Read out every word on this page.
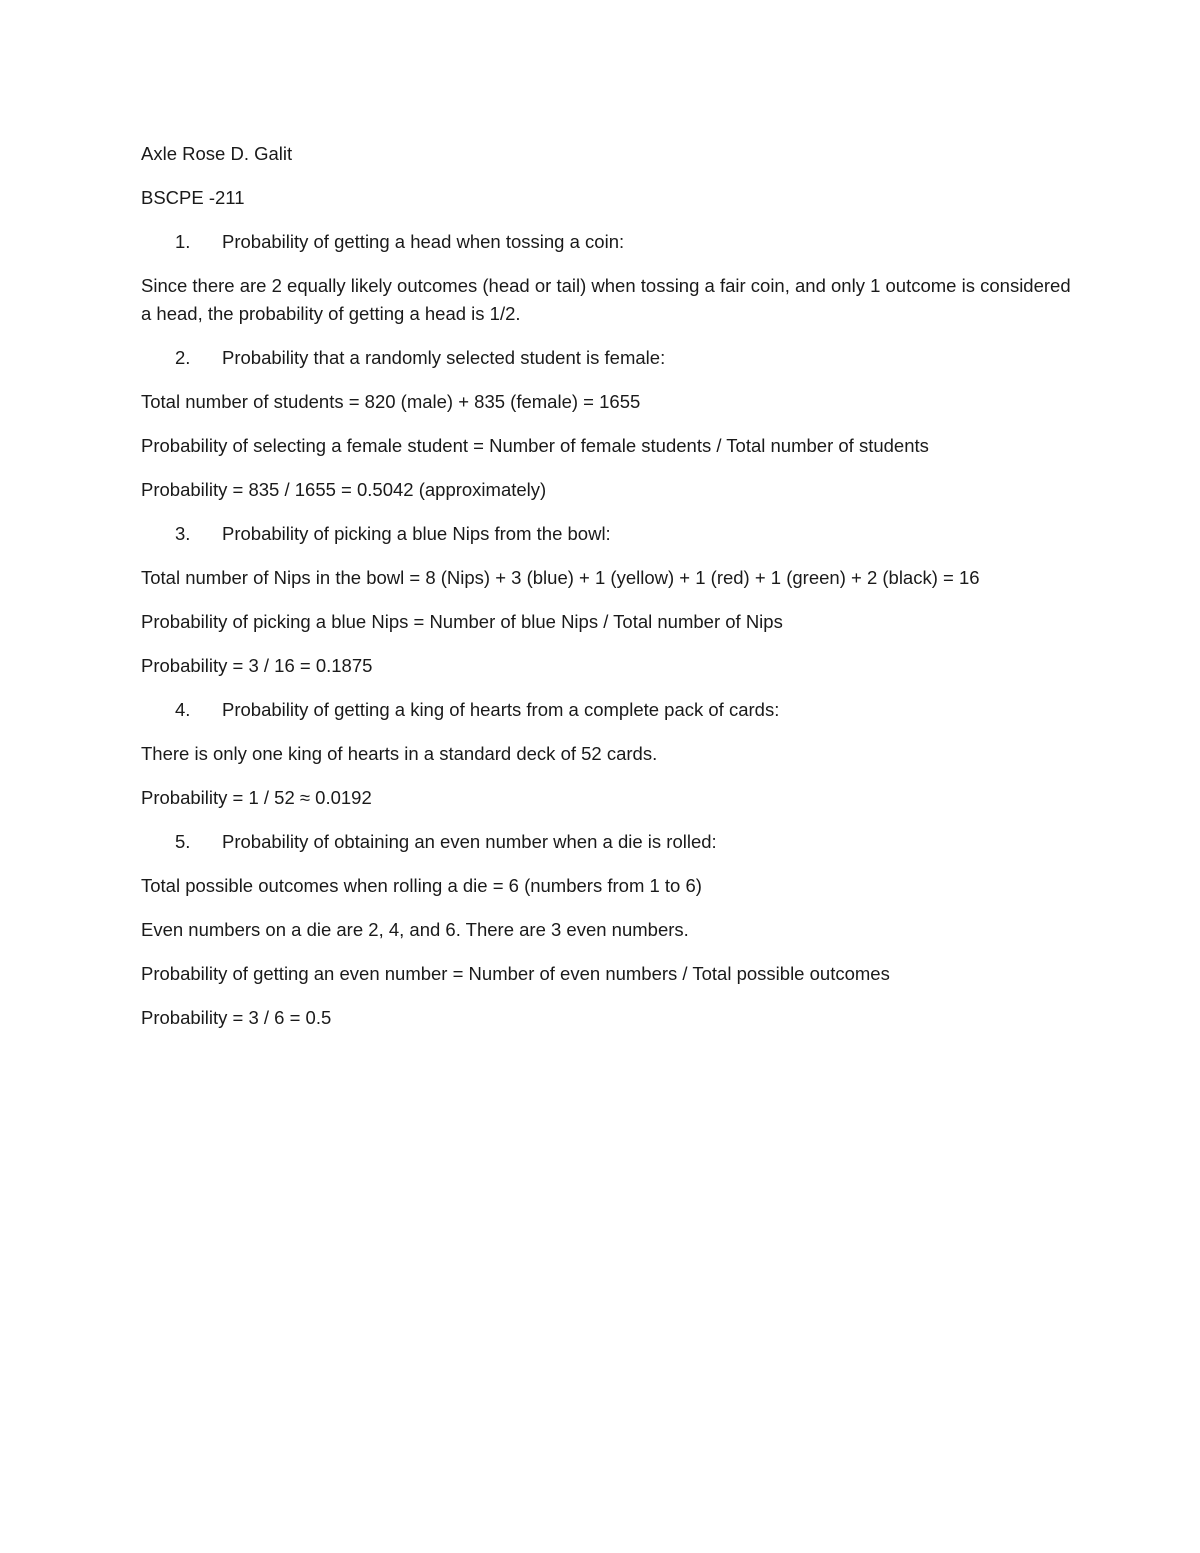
Axle Rose D. Galit

BSCPE -211

1.	Probability of getting a head when tossing a coin:

Since there are 2 equally likely outcomes (head or tail) when tossing a fair coin, and only 1 outcome is considered a head, the probability of getting a head is 1/2.

2.	Probability that a randomly selected student is female:

Total number of students = 820 (male) + 835 (female) = 1655

Probability of selecting a female student = Number of female students / Total number of students

Probability = 835 / 1655 = 0.5042 (approximately)

3.	Probability of picking a blue Nips from the bowl:

Total number of Nips in the bowl = 8 (Nips) + 3 (blue) + 1 (yellow) + 1 (red) + 1 (green) + 2 (black) = 16

Probability of picking a blue Nips = Number of blue Nips / Total number of Nips

Probability = 3 / 16 = 0.1875

4.	Probability of getting a king of hearts from a complete pack of cards:

There is only one king of hearts in a standard deck of 52 cards.

Probability = 1 / 52 ≈ 0.0192

5.	Probability of obtaining an even number when a die is rolled:

Total possible outcomes when rolling a die = 6 (numbers from 1 to 6)

Even numbers on a die are 2, 4, and 6. There are 3 even numbers.

Probability of getting an even number = Number of even numbers / Total possible outcomes

Probability = 3 / 6 = 0.5
